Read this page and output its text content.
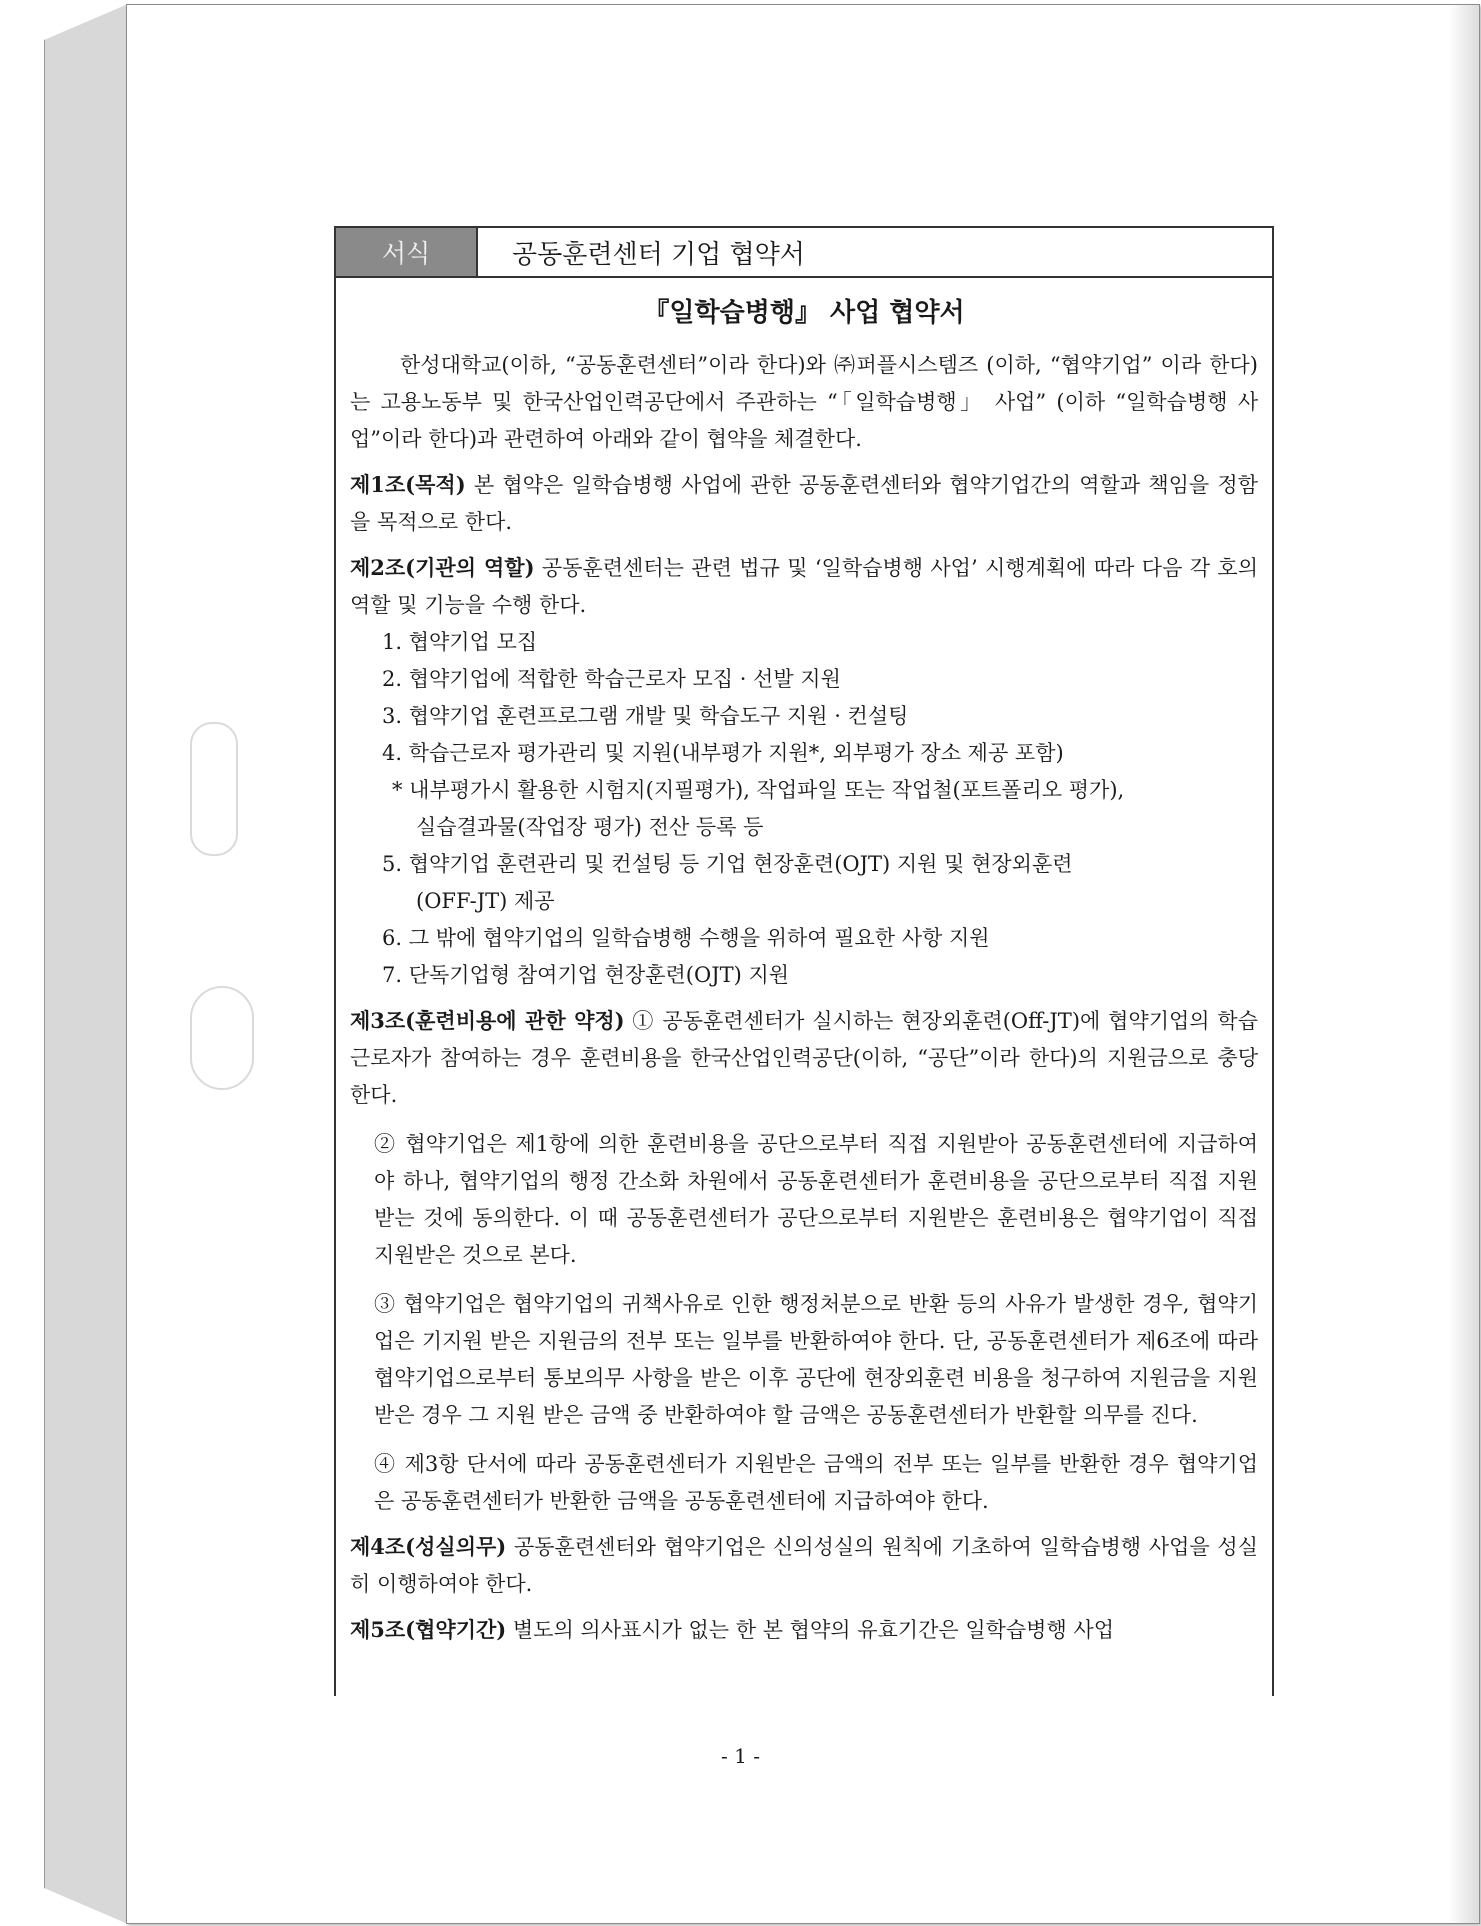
서식	공동훈련센터 기업 협약서
『일학습병행』 사업 협약서

한성대학교(이하, “공동훈련센터”이라 한다)와 ㈜퍼플시스템즈 (이하, “협약기업” 이라 한다)는 고용노동부 및 한국산업인력공단에서 주관하는 “「일학습병행」 사업” (이하 “일학습병행 사업”이라 한다)과 관련하여 아래와 같이 협약을 체결한다.

제1조(목적) 본 협약은 일학습병행 사업에 관한 공동훈련센터와 협약기업간의 역할과 책임을 정함을 목적으로 한다.

제2조(기관의 역할) 공동훈련센터는 관련 법규 및 ‘일학습병행 사업’ 시행계획에 따라 다음 각 호의 역할 및 기능을 수행 한다.

1. 협약기업 모집
2. 협약기업에 적합한 학습근로자 모집 · 선발 지원
3. 협약기업 훈련프로그램 개발 및 학습도구 지원 · 컨설팅
4. 학습근로자 평가관리 및 지원(내부평가 지원*, 외부평가 장소 제공 포함)
* 내부평가시 활용한 시험지(지필평가), 작업파일 또는 작업철(포트폴리오 평가),
실습결과물(작업장 평가) 전산 등록 등
5. 협약기업 훈련관리 및 컨설팅 등 기업 현장훈련(OJT) 지원 및 현장외훈련
(OFF-JT) 제공
6. 그 밖에 협약기업의 일학습병행 수행을 위하여 필요한 사항 지원
7. 단독기업형 참여기업 현장훈련(OJT) 지원

제3조(훈련비용에 관한 약정) ① 공동훈련센터가 실시하는 현장외훈련(Off-JT)에 협약기업의 학습근로자가 참여하는 경우 훈련비용을 한국산업인력공단(이하, “공단”이라 한다)의 지원금으로 충당한다.

② 협약기업은 제1항에 의한 훈련비용을 공단으로부터 직접 지원받아 공동훈련센터에 지급하여야 하나, 협약기업의 행정 간소화 차원에서 공동훈련센터가 훈련비용을 공단으로부터 직접 지원받는 것에 동의한다. 이 때 공동훈련센터가 공단으로부터 지원받은 훈련비용은 협약기업이 직접 지원받은 것으로 본다.

③ 협약기업은 협약기업의 귀책사유로 인한 행정처분으로 반환 등의 사유가 발생한 경우, 협약기업은 기지원 받은 지원금의 전부 또는 일부를 반환하여야 한다. 단, 공동훈련센터가 제6조에 따라 협약기업으로부터 통보의무 사항을 받은 이후 공단에 현장외훈련 비용을 청구하여 지원금을 지원 받은 경우 그 지원 받은 금액 중 반환하여야 할 금액은 공동훈련센터가 반환할 의무를 진다.

④ 제3항 단서에 따라 공동훈련센터가 지원받은 금액의 전부 또는 일부를 반환한 경우 협약기업은 공동훈련센터가 반환한 금액을 공동훈련센터에 지급하여야 한다.

제4조(성실의무) 공동훈련센터와 협약기업은 신의성실의 원칙에 기초하여 일학습병행 사업을 성실히 이행하여야 한다.

제5조(협약기간) 별도의 의사표시가 없는 한 본 협약의 유효기간은 일학습병행 사업

- 1 -
